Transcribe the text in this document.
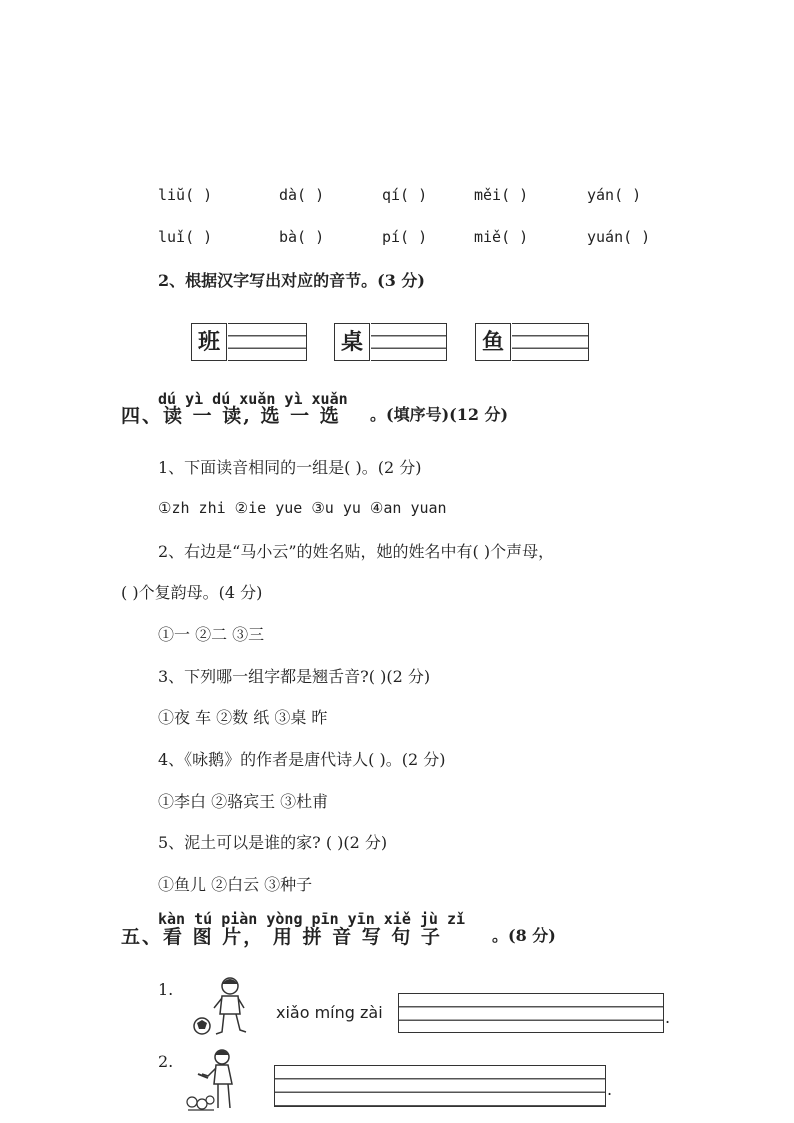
liŭ( )	dà( )	qí( )	měi( )	yán( )
luǐ( )	bà( )	pí( )	miě( )	yuán( )
2、根据汉字写出对应的音节。(3 分)
班	桌	鱼
dú yì dú xuǎn yì xuǎn
四、读 一 读, 选 一 选 。(填序号)(12 分)
1、下面读音相同的一组是( )。(2 分)
①zh zhi ②ie yue ③u yu ④an yuan
2、右边是“马小云”的姓名贴，她的姓名中有( )个声母，
( )个复韵母。(4 分)
①一 ②二 ③三
3、下列哪一组字都是翘舌音?( )(2 分)
①夜 车 ②数 纸 ③桌 昨
4、《咏鹅》的作者是唐代诗人( )。(2 分)
①李白 ②骆宾王 ③杜甫
5、泥土可以是谁的家? ( )(2 分)
①鱼儿 ②白云 ③种子
kàn tú piàn yòng pīn yīn xiě jù zǐ
五、看 图 片， 用 拼 音 写 句 子	。(8 分)
1.
xiǎo míng zài	.
2.
.
